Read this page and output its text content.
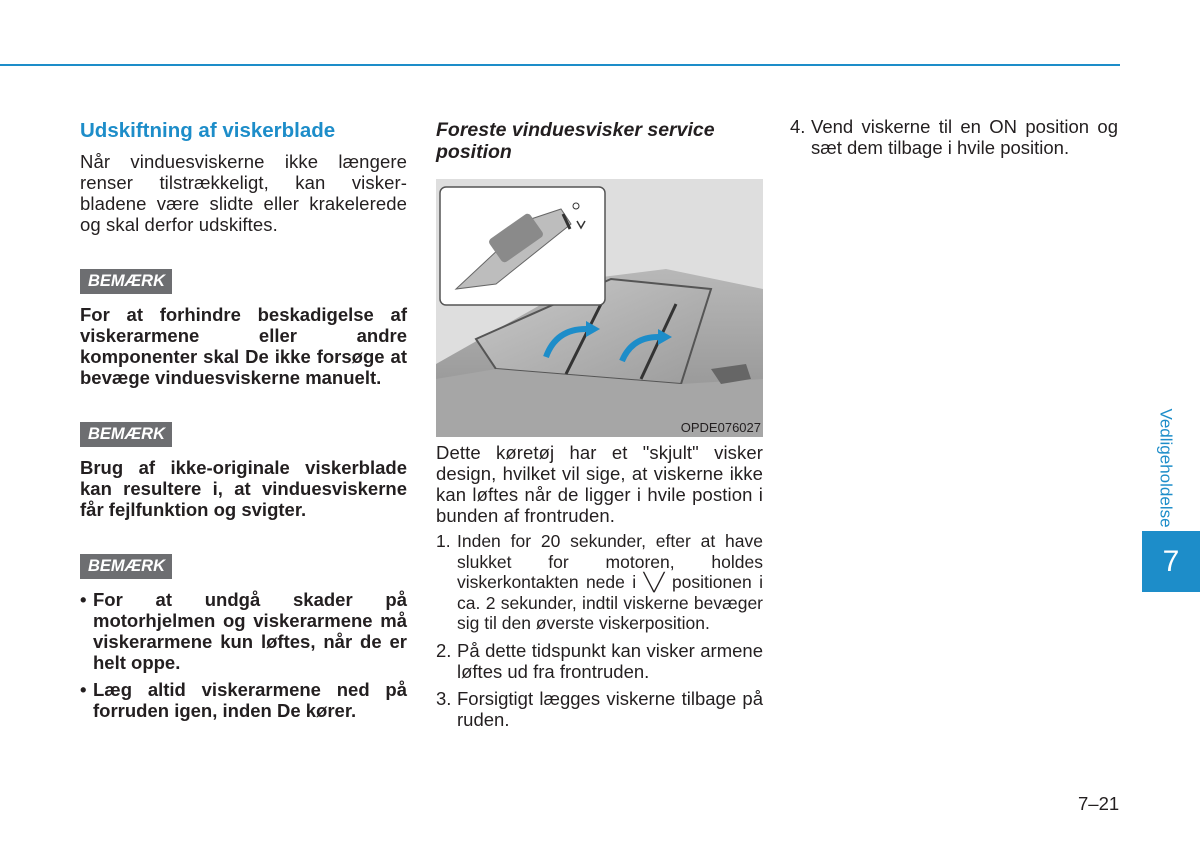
Udskiftning af viskerblade

Når vinduesviskerne ikke længere renser tilstrækkeligt, kan visker-bladene være slidte eller krakelerede og skal derfor udskiftes.

BEMÆRK

For at forhindre beskadigelse af viskerarmene eller andre komponenter skal De ikke forsøge at bevæge vinduesviskerne manuelt.

BEMÆRK

Brug af ikke-originale viskerblade kan resultere i, at vinduesviskerne får fejlfunktion og svigter.

BEMÆRK
• For at undgå skader på motorhjelmen og viskerarmene må viskerarmene kun løftes, når de er helt oppe.
• Læg altid viskerarmene ned på forruden igen, inden De kører.
Foreste vinduesvisker service position
OPDE076027

Dette køretøj har et "skjult" visker design, hvilket vil sige, at viskerne ikke kan løftes når de ligger i hvile postion i bunden af frontruden.

1. Inden for 20 sekunder, efter at have slukket for motoren, holdes viskerkontakten nede i ╲╱ positionen i ca. 2 sekunder, indtil viskerne bevæger sig til den øverste viskerposition.
2. På dette tidspunkt kan visker armene løftes ud fra frontruden.
3. Forsigtigt lægges viskerne tilbage på ruden.
4. Vend viskerne til en ON position og sæt dem tilbage i hvile position.
Vedligeholdelse
7
7–21
